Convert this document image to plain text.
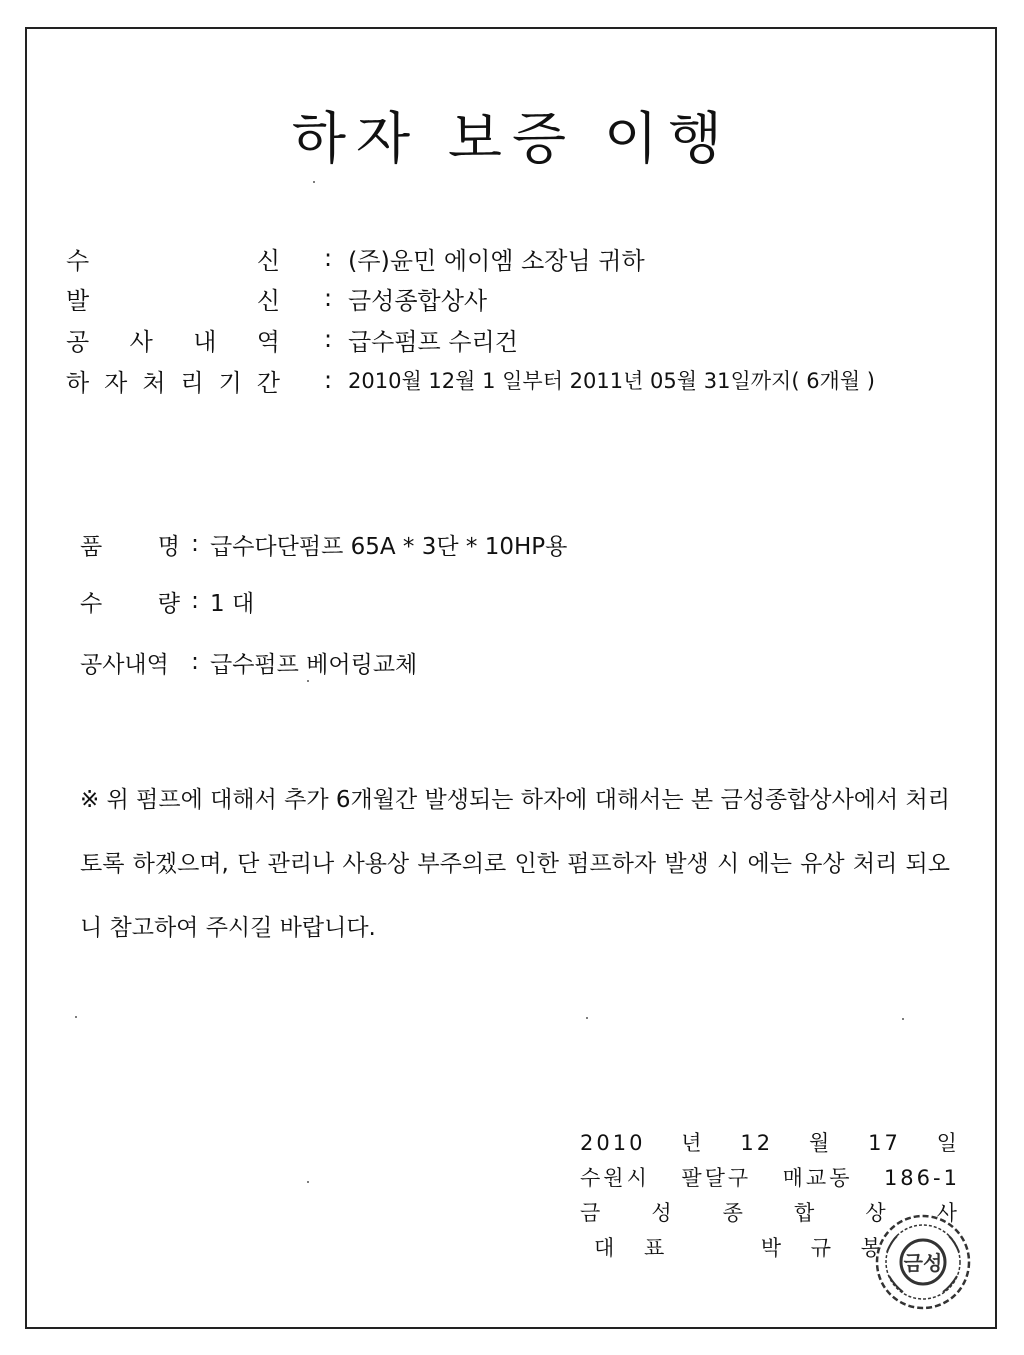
하자 보증 이행
수	신	: (주)윤민 에이엠 소장님 귀하
발	신	: 금성종합상사
공 사 내 역	: 급수펌프 수리건
하 자 처 리 기 간	: 2010월 12월 1 일부터 2011년 05월 31일까지( 6개월 )
품 명 : 급수다단펌프 65A * 3단 * 10HP용
수 량 : 1 대
공사내역 : 급수펌프 베어링교체

※ 위 펌프에 대해서 추가 6개월간 발생되는 하자에 대해서는 본 금성종합상사에서 처리토록 하겠으며, 단 관리나 사용상 부주의로 인한 펌프하자 발생 시 에는 유상 처리 되오니 참고하여 주시길 바랍니다.

2010 년 12 월 17 일
수원시 팔달구 매교동 186-1
금 성 종 합 상 사
대 표	박 규 봉
금성
